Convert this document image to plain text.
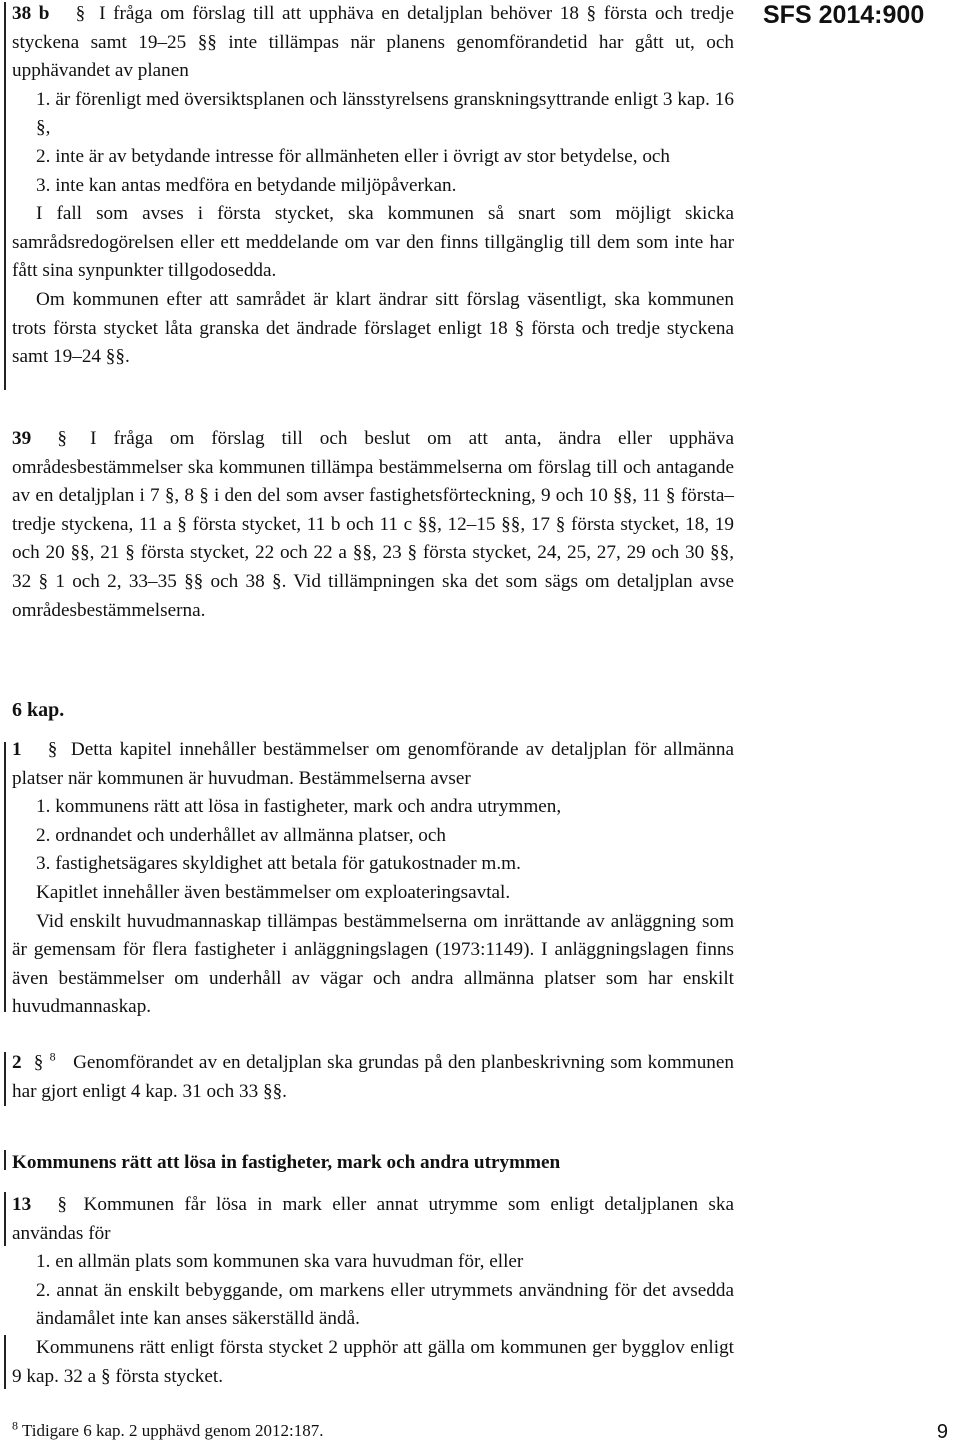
SFS 2014:900

38 b § I fråga om förslag till att upphäva en detaljplan behöver 18 § första och tredje styckena samt 19–25 §§ inte tillämpas när planens genomförandetid har gått ut, och upphävandet av planen

1. är förenligt med översiktsplanen och länsstyrelsens granskningsyttrande enligt 3 kap. 16 §,

2. inte är av betydande intresse för allmänheten eller i övrigt av stor betydelse, och

3. inte kan antas medföra en betydande miljöpåverkan.

I fall som avses i första stycket, ska kommunen så snart som möjligt skicka samrådsredogörelsen eller ett meddelande om var den finns tillgänglig till dem som inte har fått sina synpunkter tillgodosedda.

Om kommunen efter att samrådet är klart ändrar sitt förslag väsentligt, ska kommunen trots första stycket låta granska det ändrade förslaget enligt 18 § första och tredje styckena samt 19–24 §§.

39 § I fråga om förslag till och beslut om att anta, ändra eller upphäva områdesbestämmelser ska kommunen tillämpa bestämmelserna om förslag till och antagande av en detaljplan i 7 §, 8 § i den del som avser fastighetsförteckning, 9 och 10 §§, 11 § första–tredje styckena, 11 a § första stycket, 11 b och 11 c §§, 12–15 §§, 17 § första stycket, 18, 19 och 20 §§, 21 § första stycket, 22 och 22 a §§, 23 § första stycket, 24, 25, 27, 29 och 30 §§, 32 § 1 och 2, 33–35 §§ och 38 §. Vid tillämpningen ska det som sägs om detaljplan avse områdesbestämmelserna.

6 kap.

1 § Detta kapitel innehåller bestämmelser om genomförande av detaljplan för allmänna platser när kommunen är huvudman. Bestämmelserna avser

1. kommunens rätt att lösa in fastigheter, mark och andra utrymmen,

2. ordnandet och underhållet av allmänna platser, och

3. fastighetsägares skyldighet att betala för gatukostnader m.m.

Kapitlet innehåller även bestämmelser om exploateringsavtal.

Vid enskilt huvudmannaskap tillämpas bestämmelserna om inrättande av anläggning som är gemensam för flera fastigheter i anläggningslagen (1973:1149). I anläggningslagen finns även bestämmelser om underhåll av vägar och andra allmänna platser som har enskilt huvudmannaskap.

2 § $^8$ Genomförandet av en detaljplan ska grundas på den planbeskrivning som kommunen har gjort enligt 4 kap. 31 och 33 §§.

Kommunens rätt att lösa in fastigheter, mark och andra utrymmen

13 § Kommunen får lösa in mark eller annat utrymme som enligt detaljplanen ska användas för

1. en allmän plats som kommunen ska vara huvudman för, eller

2. annat än enskilt bebyggande, om markens eller utrymmets användning för det avsedda ändamålet inte kan anses säkerställd ändå.

Kommunens rätt enligt första stycket 2 upphör att gälla om kommunen ger bygglov enligt 9 kap. 32 a § första stycket.

$^8$ Tidigare 6 kap. 2 upphävd genom 2012:187.	9
